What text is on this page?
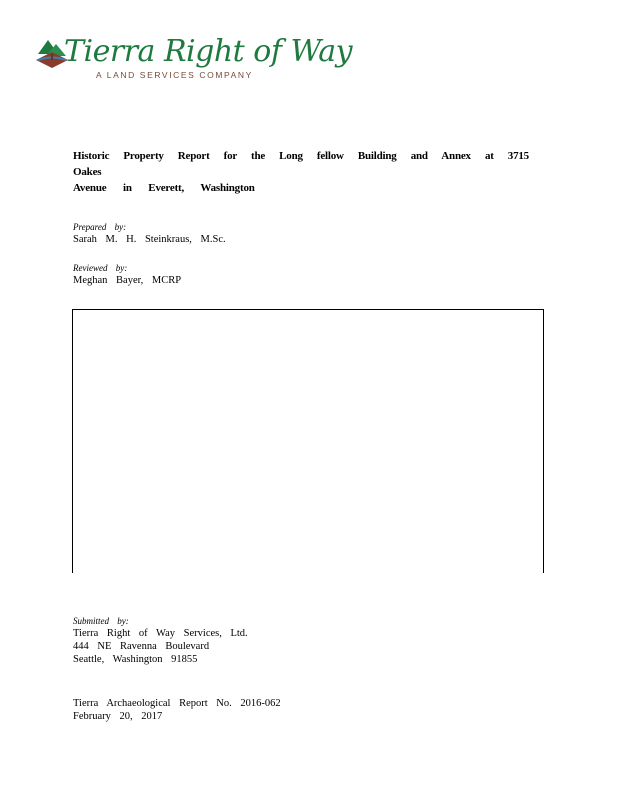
Tierra Right of Way
A LAND SERVICES COMPANY
Historic Property Report for the Long fellow Building and Annex at 3715 Oakes
Avenue in Everett, Washington
Prepared by:
Sarah M. H. Steinkraus, M.Sc.
Reviewed by:
Meghan Bayer, MCRP
Submitted by:
Tierra Right of Way Services, Ltd.
444 NE Ravenna Boulevard
Seattle, Washington 91855
Tierra Archaeological Report No. 2016-062
February 20, 2017
